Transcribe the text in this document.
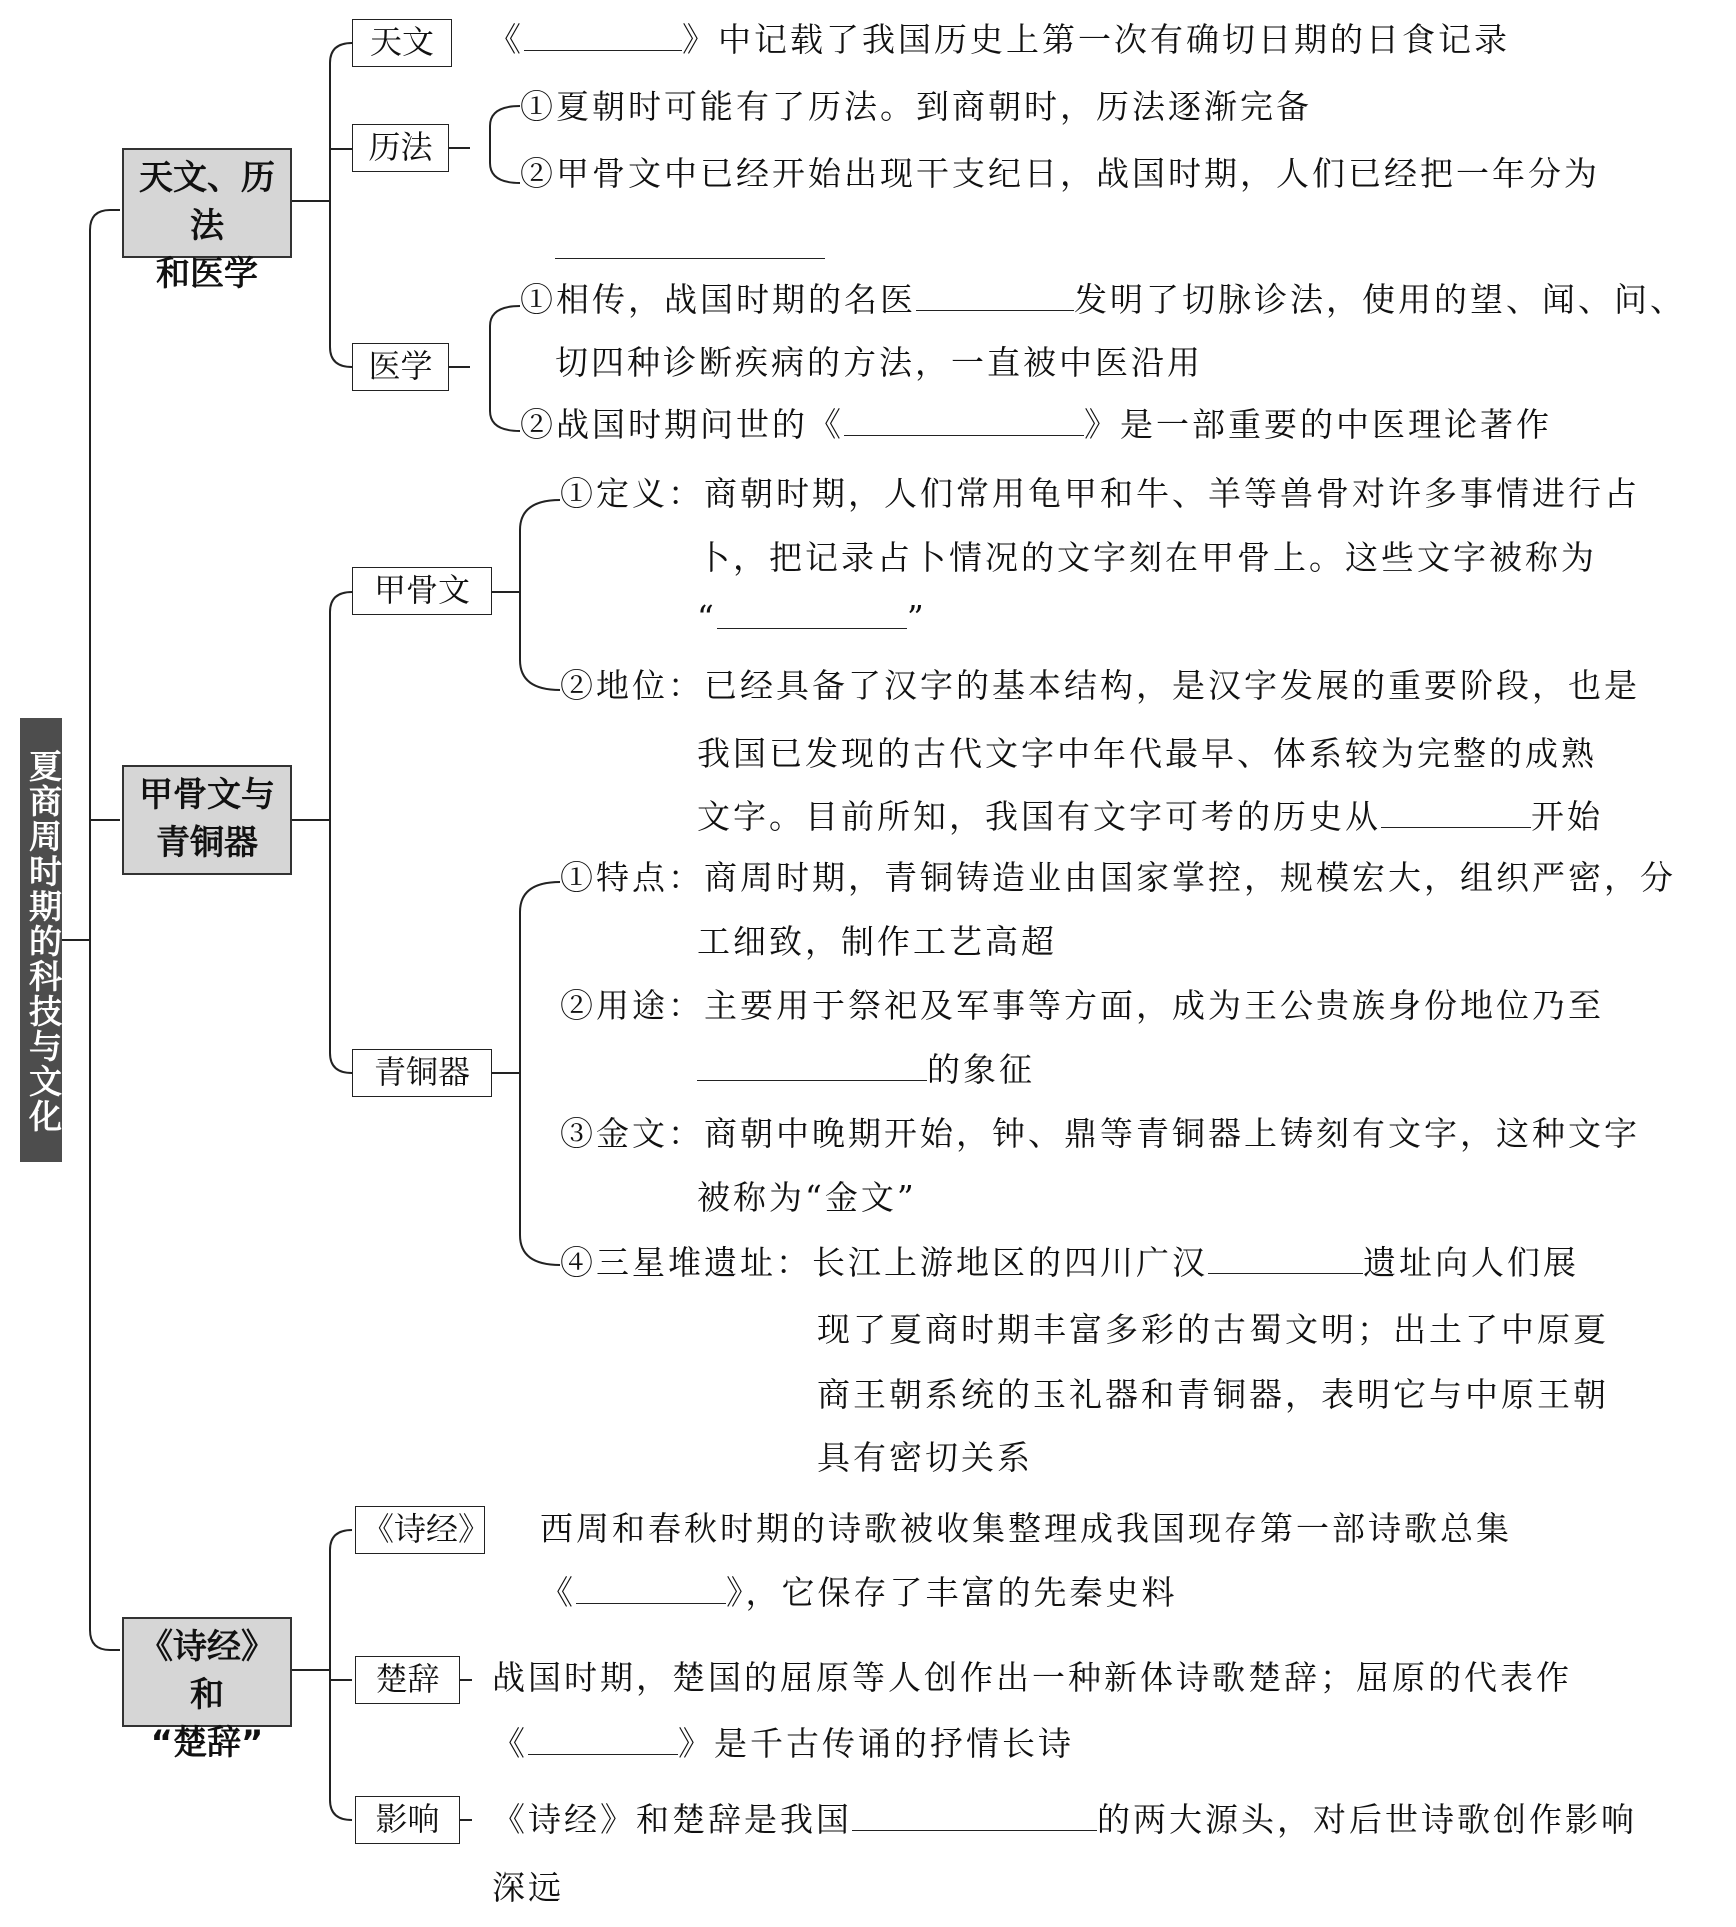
夏商周时期的科技与文化
天文、历法
和医学
甲骨文与
青铜器
《诗经》和
“楚辞”
天文	《	》中记载了我国历史上第一次有确切日期的日食记录
历法
①夏朝时可能有了历法。到商朝时，历法逐渐完备
②甲骨文中已经开始出现干支纪日，战国时期，人们已经把一年分为
医学
①相传，战国时期的名医	发明了切脉诊法，使用的望、闻、问、
切四种诊断疾病的方法，一直被中医沿用
②战国时期问世的《	》是一部重要的中医理论著作
甲骨文
①定义：商朝时期，人们常用龟甲和牛、羊等兽骨对许多事情进行占
卜，把记录占卜情况的文字刻在甲骨上。这些文字被称为
“	”
②地位：已经具备了汉字的基本结构，是汉字发展的重要阶段，也是
我国已发现的古代文字中年代最早、体系较为完整的成熟
文字。目前所知，我国有文字可考的历史从	开始
青铜器
①特点：商周时期，青铜铸造业由国家掌控，规模宏大，组织严密，分
工细致，制作工艺高超
②用途：主要用于祭祀及军事等方面，成为王公贵族身份地位乃至
的象征
③金文：商朝中晚期开始，钟、鼎等青铜器上铸刻有文字，这种文字
被称为“金文”
④三星堆遗址：长江上游地区的四川广汉	遗址向人们展
现了夏商时期丰富多彩的古蜀文明；出土了中原夏
商王朝系统的玉礼器和青铜器，表明它与中原王朝
具有密切关系
《诗经》 西周和春秋时期的诗歌被收集整理成我国现存第一部诗歌总集
《	》，它保存了丰富的先秦史料
楚辞	战国时期，楚国的屈原等人创作出一种新体诗歌楚辞；屈原的代表作
《	》是千古传诵的抒情长诗
影响	《诗经》和楚辞是我国	的两大源头，对后世诗歌创作影响
深远
